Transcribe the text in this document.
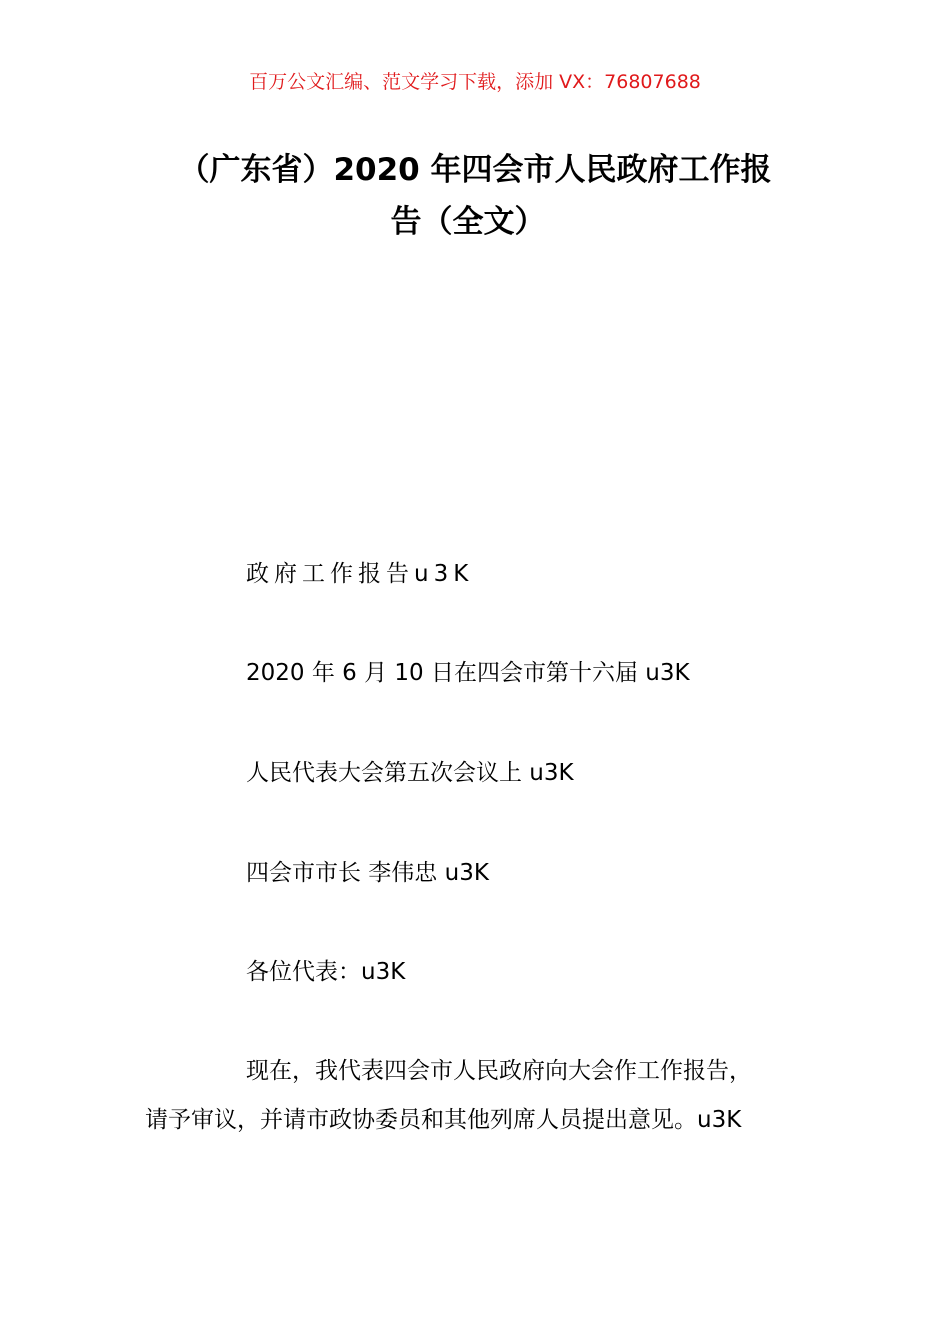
百万公文汇编、范文学习下载，添加 VX：76807688
（广东省）2020 年四会市人民政府工作报
告（全文）
政府工作报告u3K
2020 年 6 月 10 日在四会市第十六届 u3K
人民代表大会第五次会议上 u3K
四会市市长 李伟忠 u3K
各位代表：u3K
现在，我代表四会市人民政府向大会作工作报告，
请予审议，并请市政协委员和其他列席人员提出意见。u3K
